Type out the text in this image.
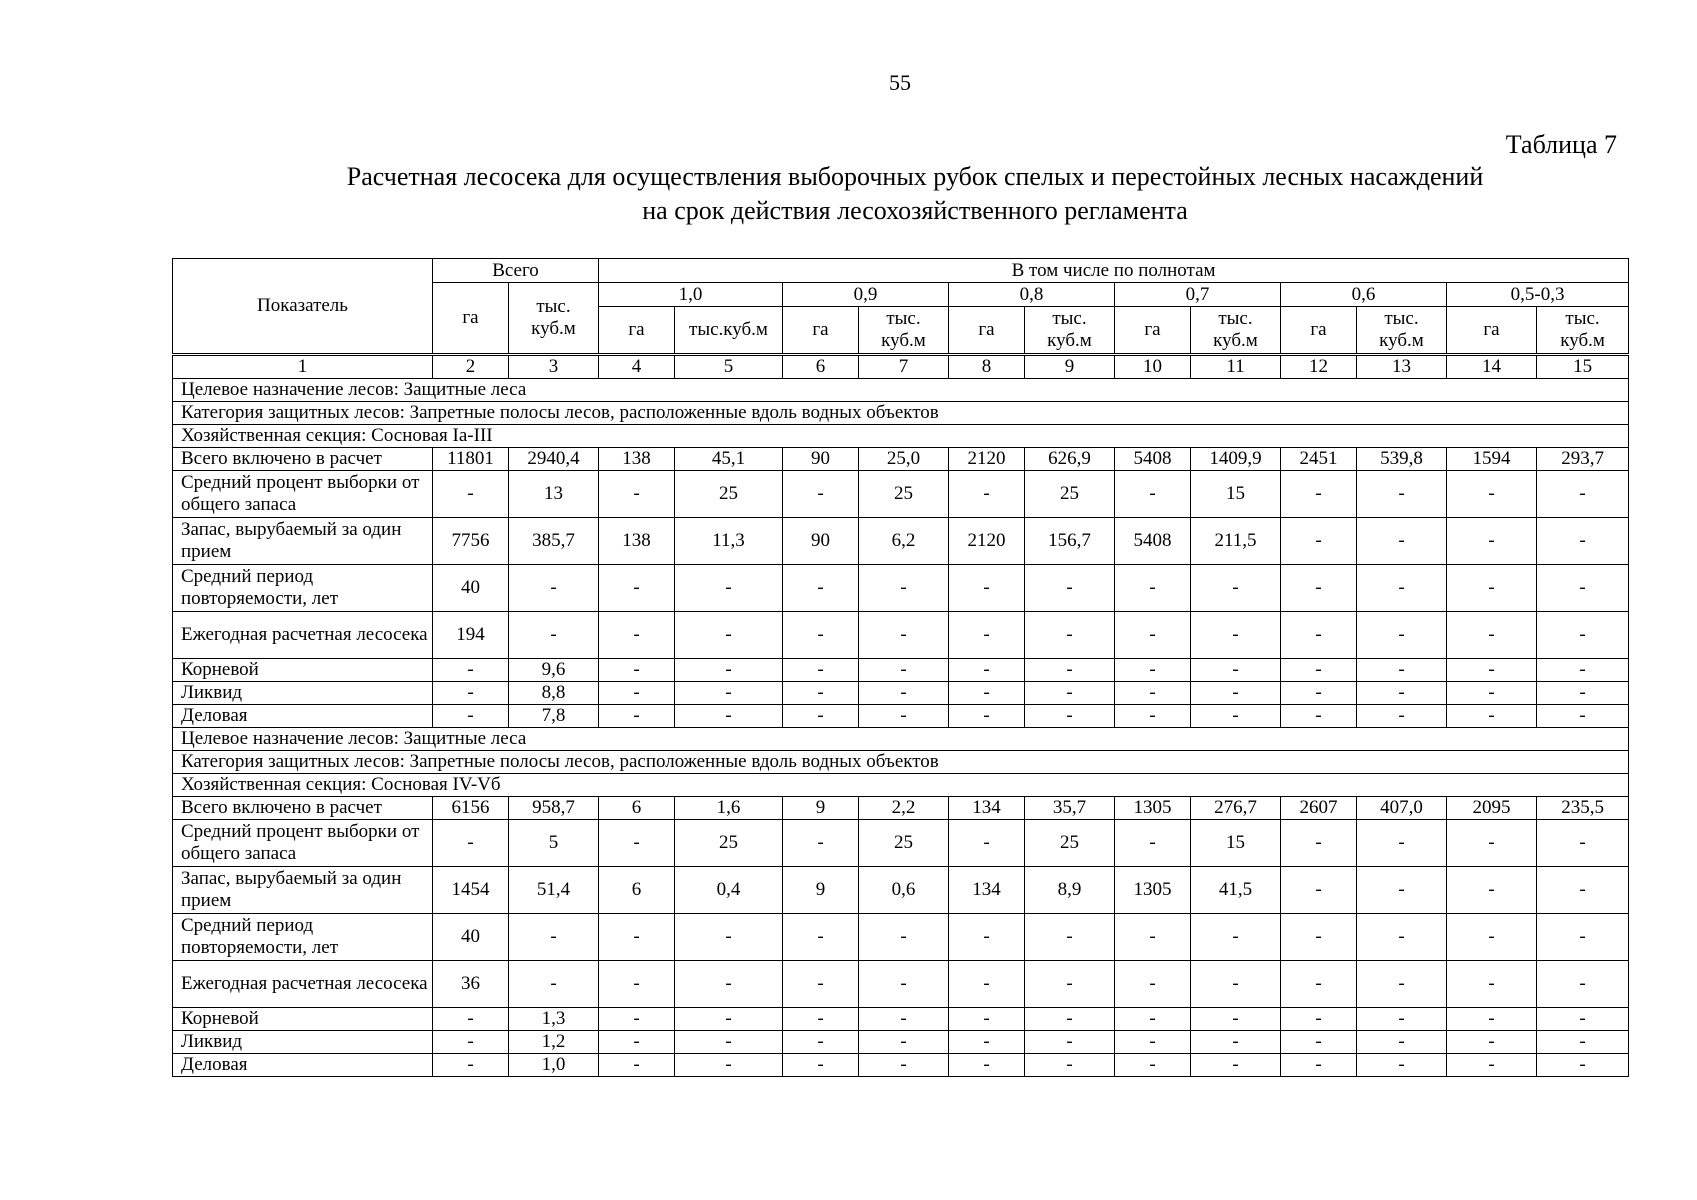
55
Таблица 7
Расчетная лесосека для осуществления выборочных рубок спелых и перестойных лесных насаждений
на срок действия лесохозяйственного регламента
Показатель	Всего		В том числе по полнотам											
	га	тыс. куб.м	1,0		0,9		0,8		0,7		0,6		0,5-0,3	
			га	тыс.куб.м	га	тыс. куб.м	га	тыс. куб.м	га	тыс. куб.м	га	тыс. куб.м	га	тыс. куб.м
1	2	3	4	5	6	7	8	9	10	11	12	13	14	15
Целевое назначение лесов: Защитные леса														
Категория защитных лесов: Запретные полосы лесов, расположенные вдоль водных объектов														
Хозяйственная секция: Сосновая Ia-III														
Всего включено в расчет	11801	2940,4	138	45,1	90	25,0	2120	626,9	5408	1409,9	2451	539,8	1594	293,7
Средний процент выборки от общего запаса	-	13	-	25	-	25	-	25	-	15	-	-	-	-
Запас, вырубаемый за один прием	7756	385,7	138	11,3	90	6,2	2120	156,7	5408	211,5	-	-	-	-
Средний период повторяемости, лет	40	-	-	-	-	-	-	-	-	-	-	-	-	-
Ежегодная расчетная лесосека	194	-	-	-	-	-	-	-	-	-	-	-	-	-
Корневой	-	9,6	-	-	-	-	-	-	-	-	-	-	-	-
Ликвид	-	8,8	-	-	-	-	-	-	-	-	-	-	-	-
Деловая	-	7,8	-	-	-	-	-	-	-	-	-	-	-	-
Целевое назначение лесов: Защитные леса														
Категория защитных лесов: Запретные полосы лесов, расположенные вдоль водных объектов														
Хозяйственная секция: Сосновая IV-Vб														
Всего включено в расчет	6156	958,7	6	1,6	9	2,2	134	35,7	1305	276,7	2607	407,0	2095	235,5
Средний процент выборки от общего запаса	-	5	-	25	-	25	-	25	-	15	-	-	-	-
Запас, вырубаемый за один прием	1454	51,4	6	0,4	9	0,6	134	8,9	1305	41,5	-	-	-	-
Средний период повторяемости, лет	40	-	-	-	-	-	-	-	-	-	-	-	-	-
Ежегодная расчетная лесосека	36	-	-	-	-	-	-	-	-	-	-	-	-	-
Корневой	-	1,3	-	-	-	-	-	-	-	-	-	-	-	-
Ликвид	-	1,2	-	-	-	-	-	-	-	-	-	-	-	-
Деловая	-	1,0	-	-	-	-	-	-	-	-	-	-	-	-
